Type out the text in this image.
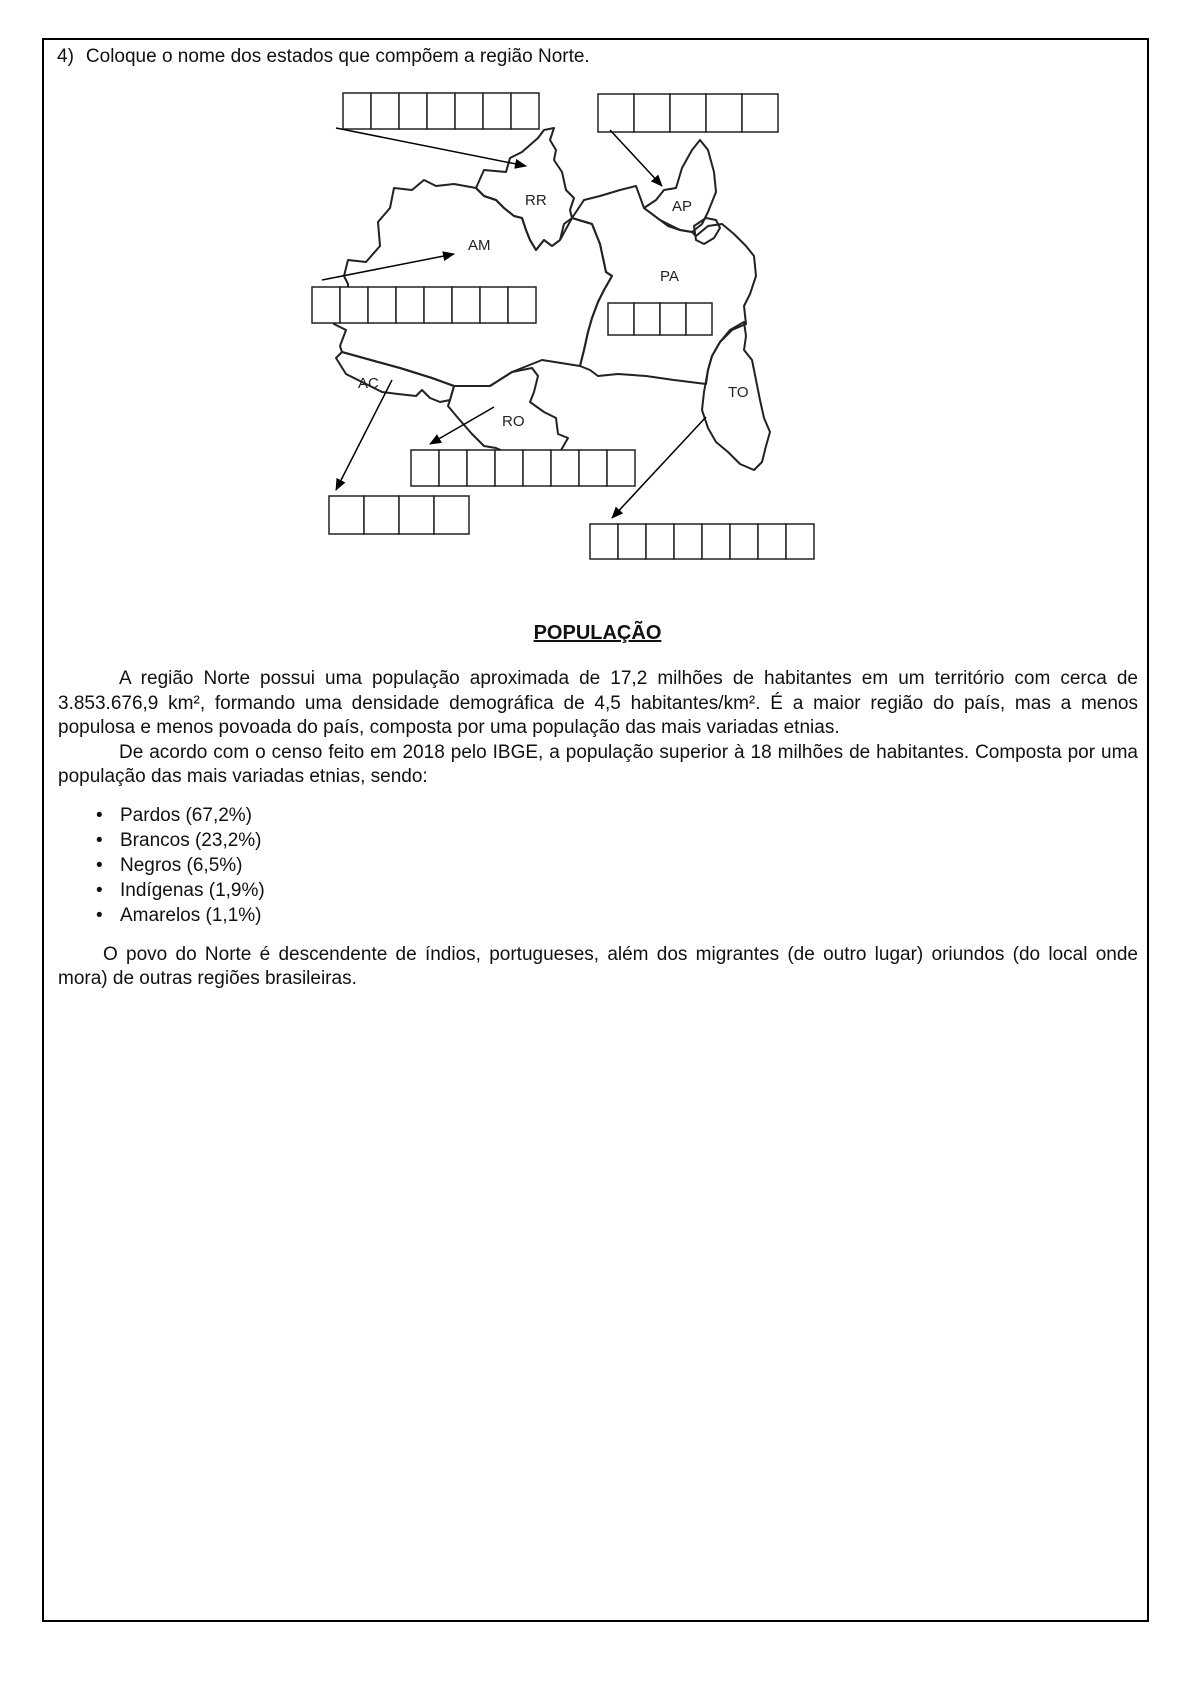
4) Coloque o nome dos estados que compõem a região Norte.

RR	AP
AM
PA
AC
RO
TO
POPULAÇÃO

A região Norte possui uma população aproximada de 17,2 milhões de habitantes em um território com cerca de 3.853.676,9 km², formando uma densidade demográfica de 4,5 habitantes/km². É a maior região do país, mas a menos populosa e menos povoada do país, composta por uma população das mais variadas etnias.

De acordo com o censo feito em 2018 pelo IBGE, a população superior à 18 milhões de habitantes. Composta por uma população das mais variadas etnias, sendo:

• Pardos (67,2%)
• Brancos (23,2%)
• Negros (6,5%)
• Indígenas (1,9%)
• Amarelos (1,1%)

O povo do Norte é descendente de índios, portugueses, além dos migrantes (de outro lugar) oriundos (do local onde mora) de outras regiões brasileiras.
